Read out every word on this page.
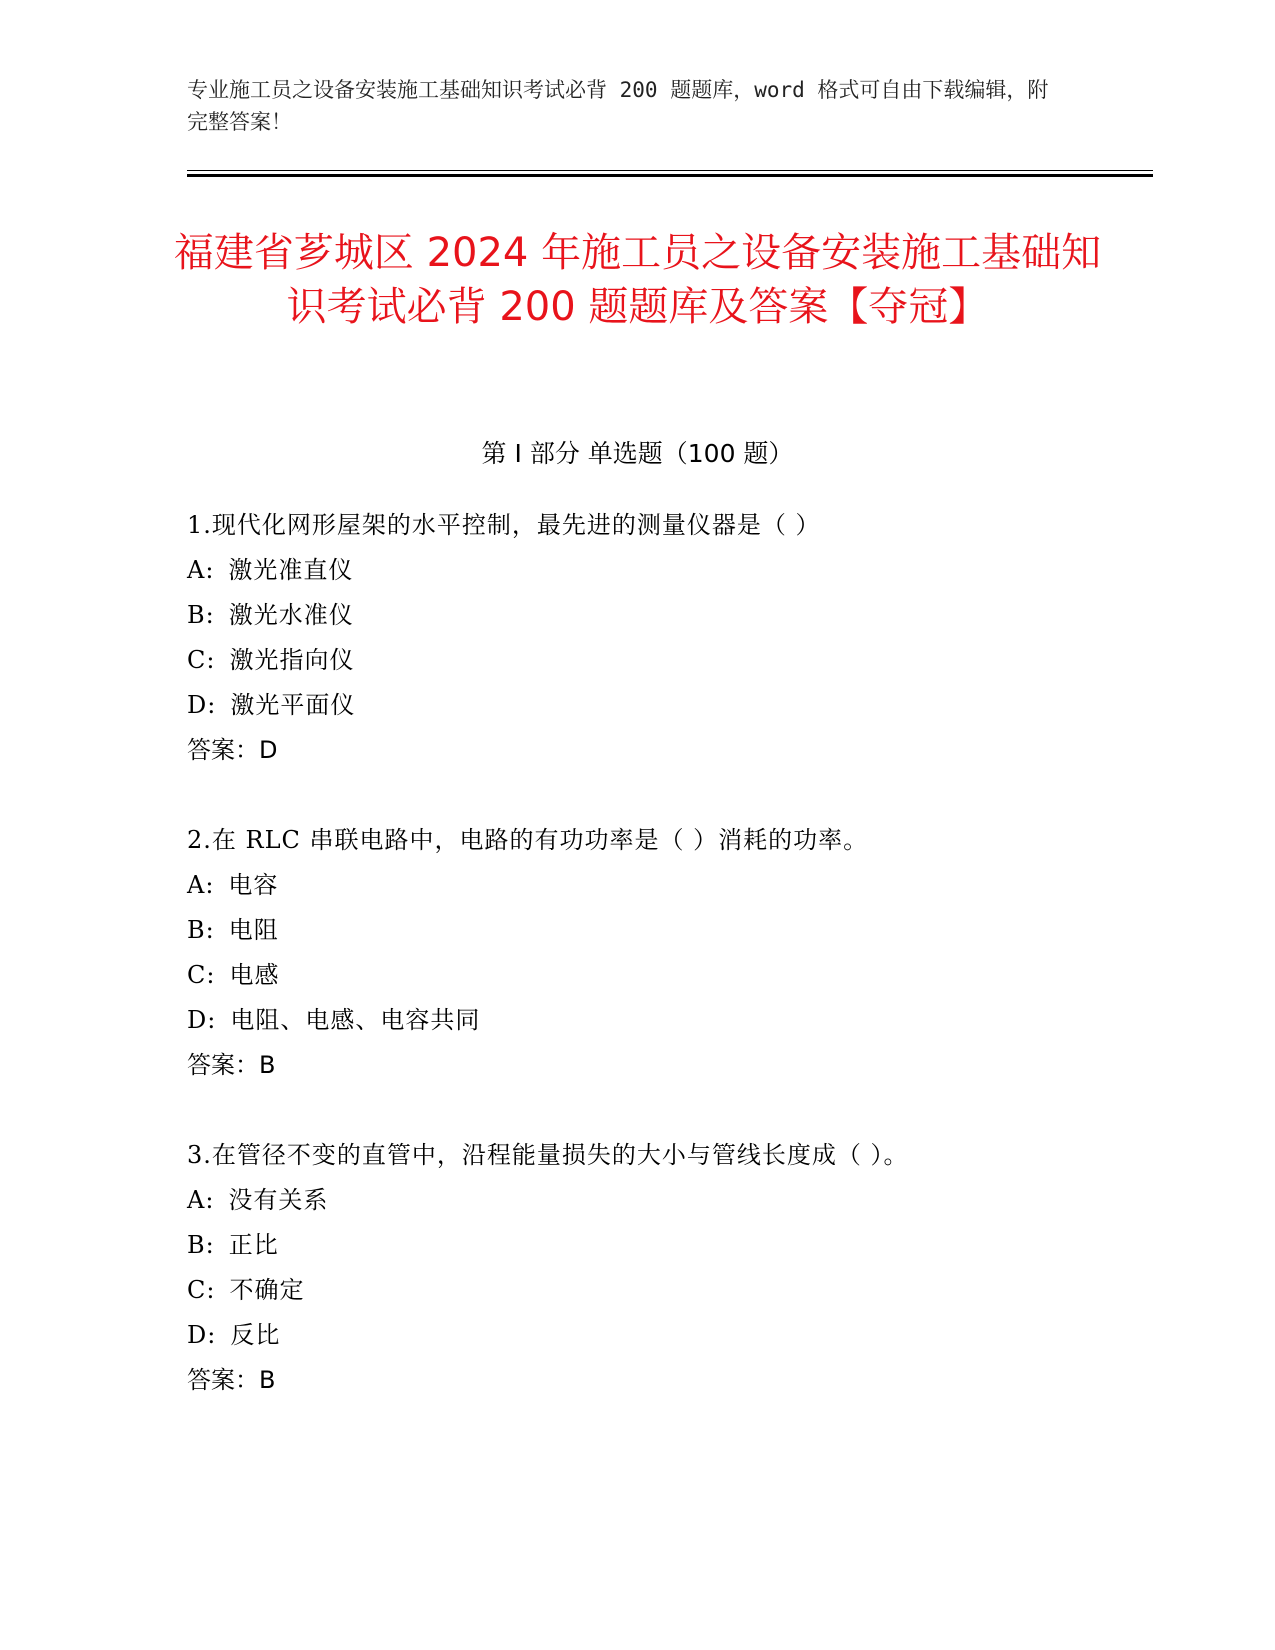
专业施工员之设备安装施工基础知识考试必背 200 题题库，word 格式可自由下载编辑，附完整答案！
福建省芗城区 2024 年施工员之设备安装施工基础知识考试必背 200 题题库及答案【夺冠】
第 I 部分 单选题（100 题）
1.现代化网形屋架的水平控制，最先进的测量仪器是（ ）
A: 激光准直仪
B: 激光水准仪
C: 激光指向仪
D: 激光平面仪
答案：D
2.在 RLC 串联电路中，电路的有功功率是（ ）消耗的功率。
A: 电容
B: 电阻
C: 电感
D: 电阻、电感、电容共同
答案：B
3.在管径不变的直管中，沿程能量损失的大小与管线长度成（ ）。
A: 没有关系
B: 正比
C: 不确定
D: 反比
答案：B
